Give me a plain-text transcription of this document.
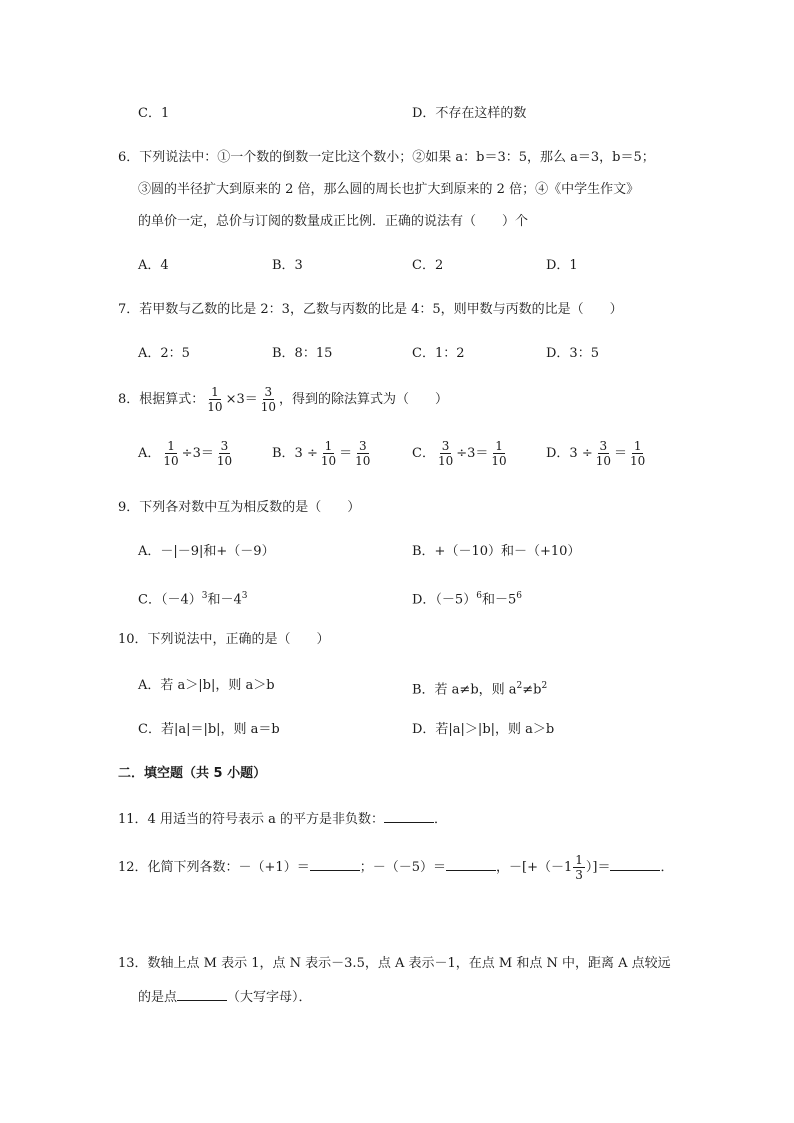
C．1	D．不存在这样的数
6．下列说法中：①一个数的倒数一定比这个数小；②如果 a：b＝3：5，那么 a＝3，b＝5；
③圆的半径扩大到原来的 2 倍，那么圆的周长也扩大到原来的 2 倍；④《中学生作文》
的单价一定，总价与订阅的数量成正比例．正确的说法有（　　）个
A．4	B．3	C．2	D．1
7．若甲数与乙数的比是 2：3，乙数与丙数的比是 4：5，则甲数与丙数的比是（　　）
A．2：5	B．8：15	C．1：2	D．3：5
8．根据算式： $\frac{1}{10} \times 3= \frac{3}{10}$ ，得到的除法算式为（　　）
A． $\frac{1}{10} \div 3= \frac{3}{10}$	B．$3 \div \frac{1}{10} = \frac{3}{10}$	C． $\frac{3}{10} \div 3= \frac{1}{10}$	D．$3 \div \frac{3}{10} = \frac{1}{10}$
9．下列各对数中互为相反数的是（　　）
A．－|－9|和+（－9）	B．+（－10）和－（+10）
C．$(-4)^3$和$-4^3$	D．$(-5)^6$和$-5^6$
10．下列说法中，正确的是（　　）
A．若 a＞|b|，则 a＞b	B．若 a≠b，则 $a^2\ne b^2$
C．若|a|＝|b|，则 a＝b	D．若|a|＞|b|，则 a＞b
二．填空题（共 5 小题）
11．4 用适当的符号表示 a 的平方是非负数：	．
12．化简下列各数：－（+1）＝	；－（－5）＝	，$-[+(-1 \frac{1}{3}$ ）]＝	．
13．数轴上点 M 表示 1，点 N 表示－3.5，点 A 表示－1，在点 M 和点 N 中，距离 A 点较远
的是点	（大写字母）．
